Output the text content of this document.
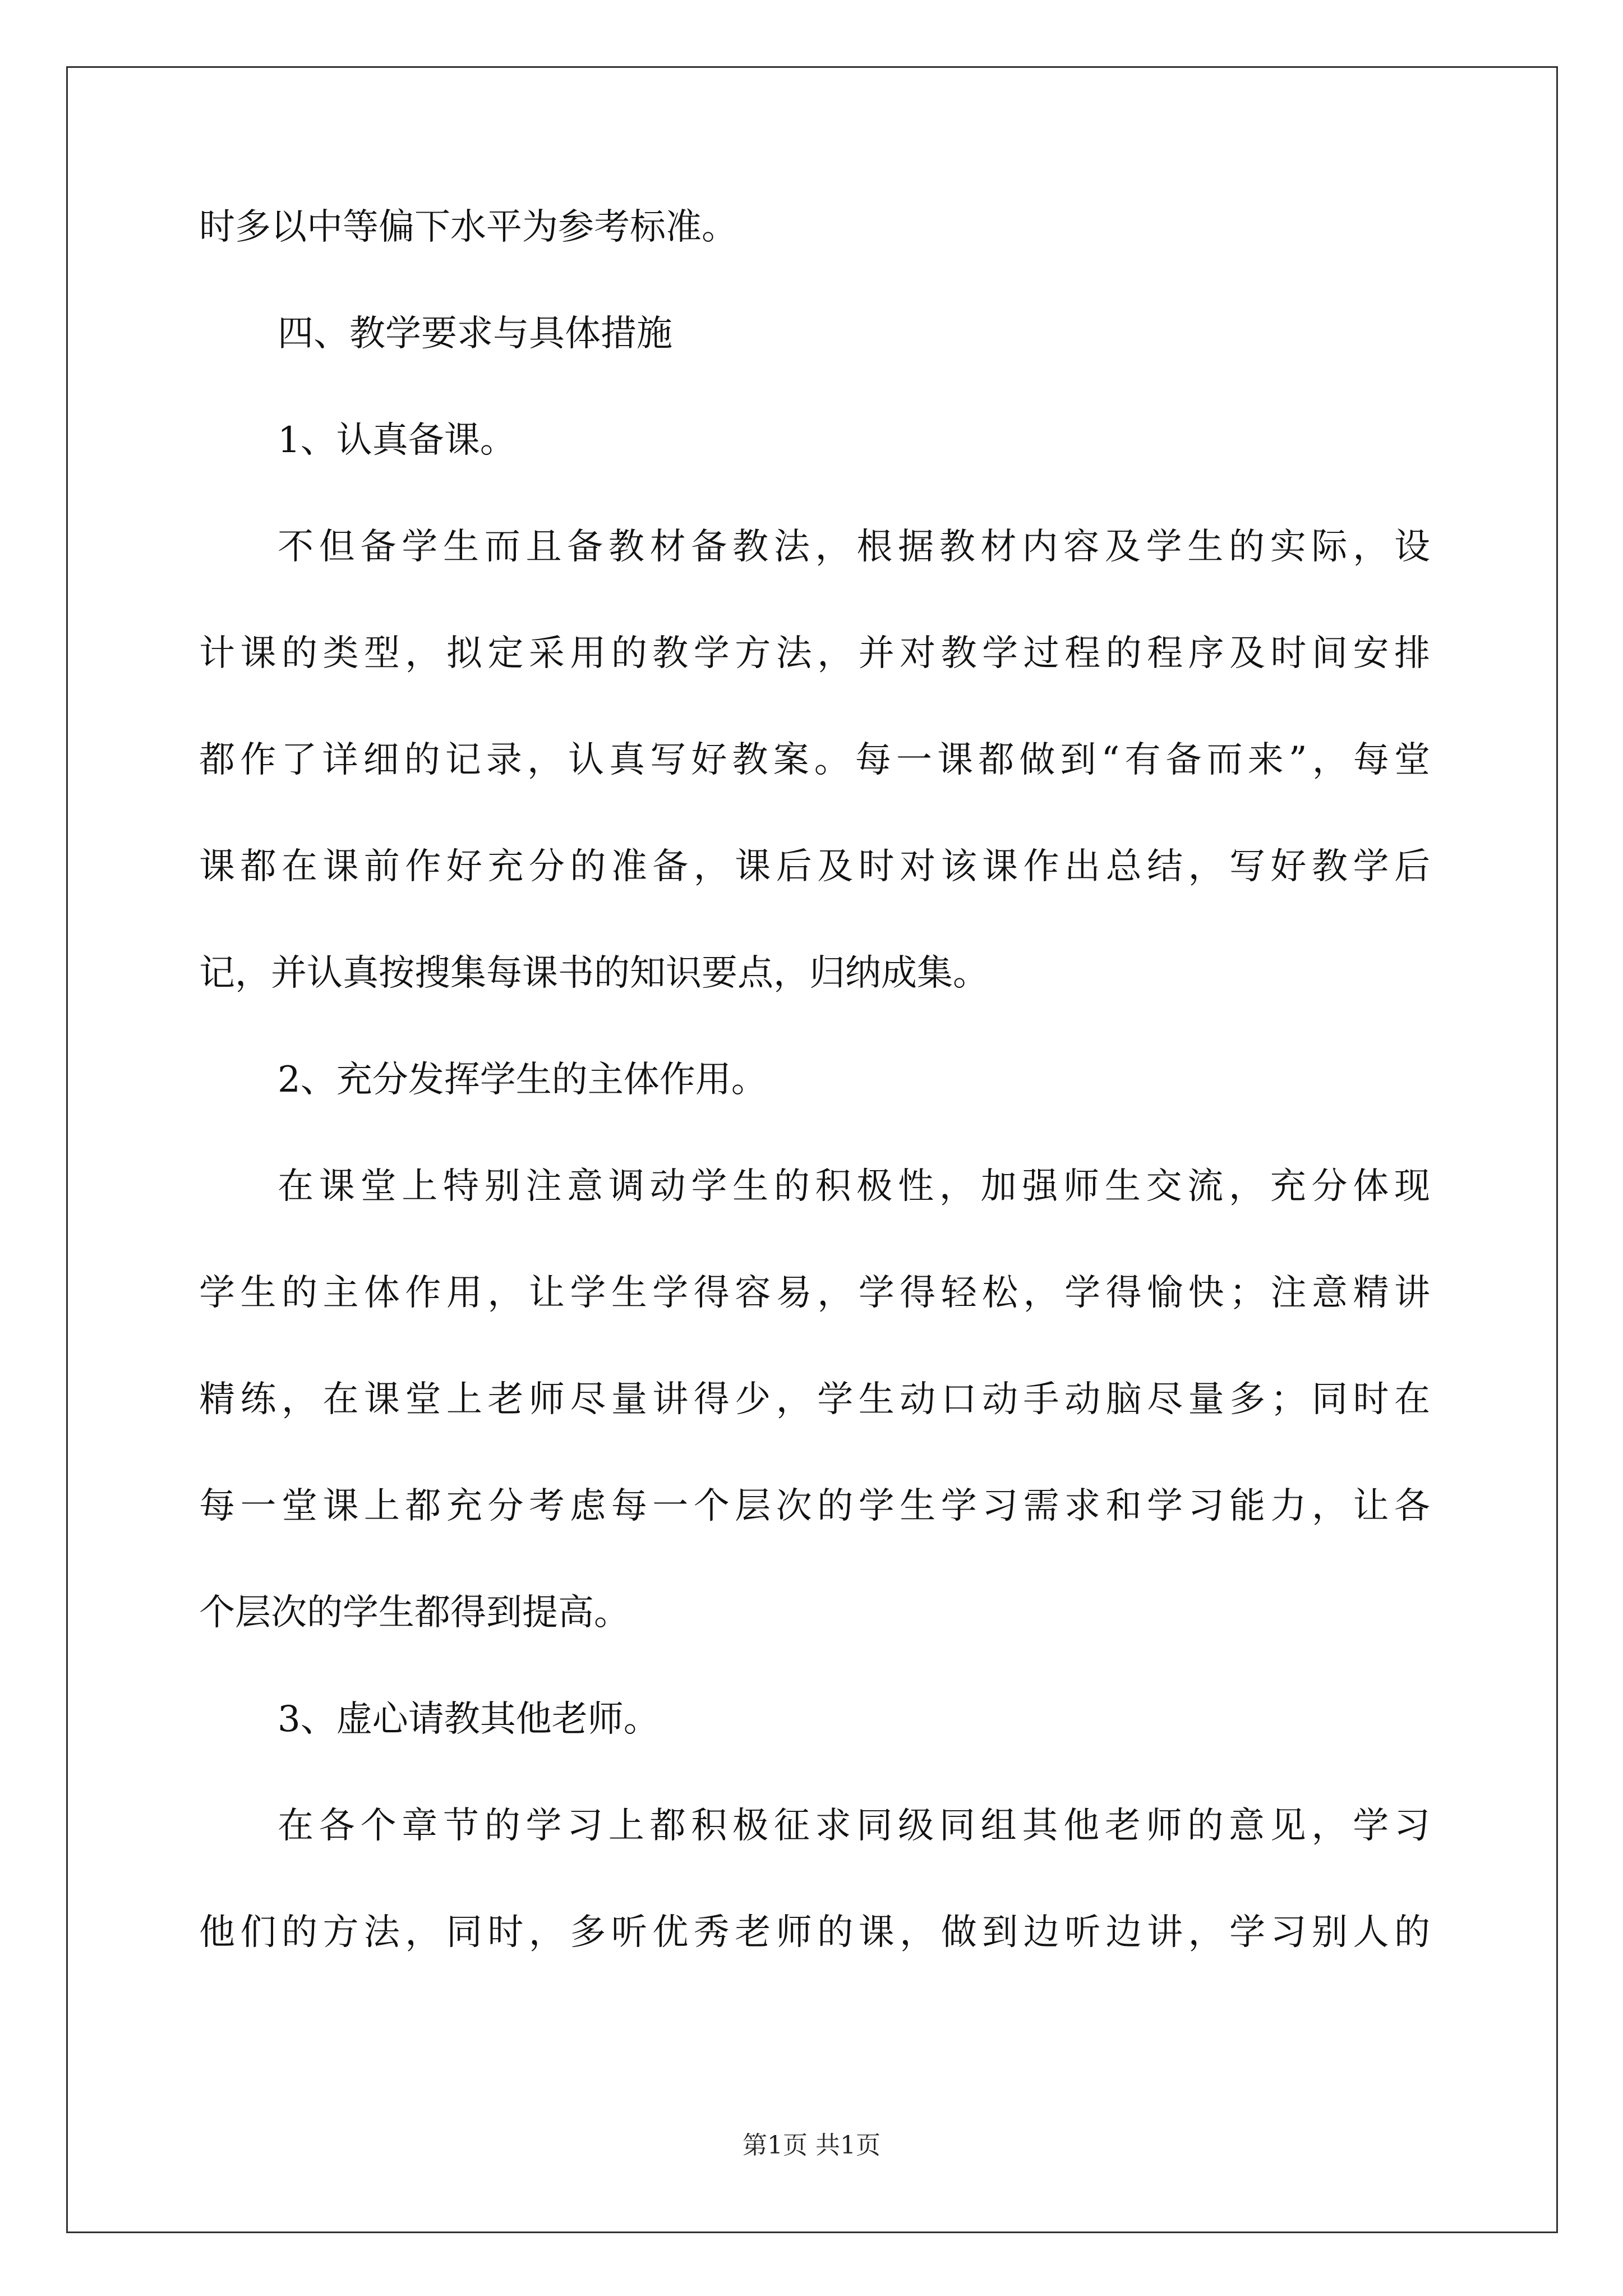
时多以中等偏下水平为参考标准。
四、教学要求与具体措施
1、认真备课。
不但备学生而且备教材备教法，根据教材内容及学生的实际，设
计课的类型，拟定采用的教学方法，并对教学过程的程序及时间安排
都作了详细的记录，认真写好教案。每一课都做到“有备而来”，每堂
课都在课前作好充分的准备，课后及时对该课作出总结，写好教学后
记，并认真按搜集每课书的知识要点，归纳成集。
2、充分发挥学生的主体作用。
在课堂上特别注意调动学生的积极性，加强师生交流，充分体现
学生的主体作用，让学生学得容易，学得轻松，学得愉快；注意精讲
精练，在课堂上老师尽量讲得少，学生动口动手动脑尽量多；同时在
每一堂课上都充分考虑每一个层次的学生学习需求和学习能力，让各
个层次的学生都得到提高。
3、虚心请教其他老师。
在各个章节的学习上都积极征求同级同组其他老师的意见，学习
他们的方法，同时，多听优秀老师的课，做到边听边讲，学习别人的
第1页 共1页
